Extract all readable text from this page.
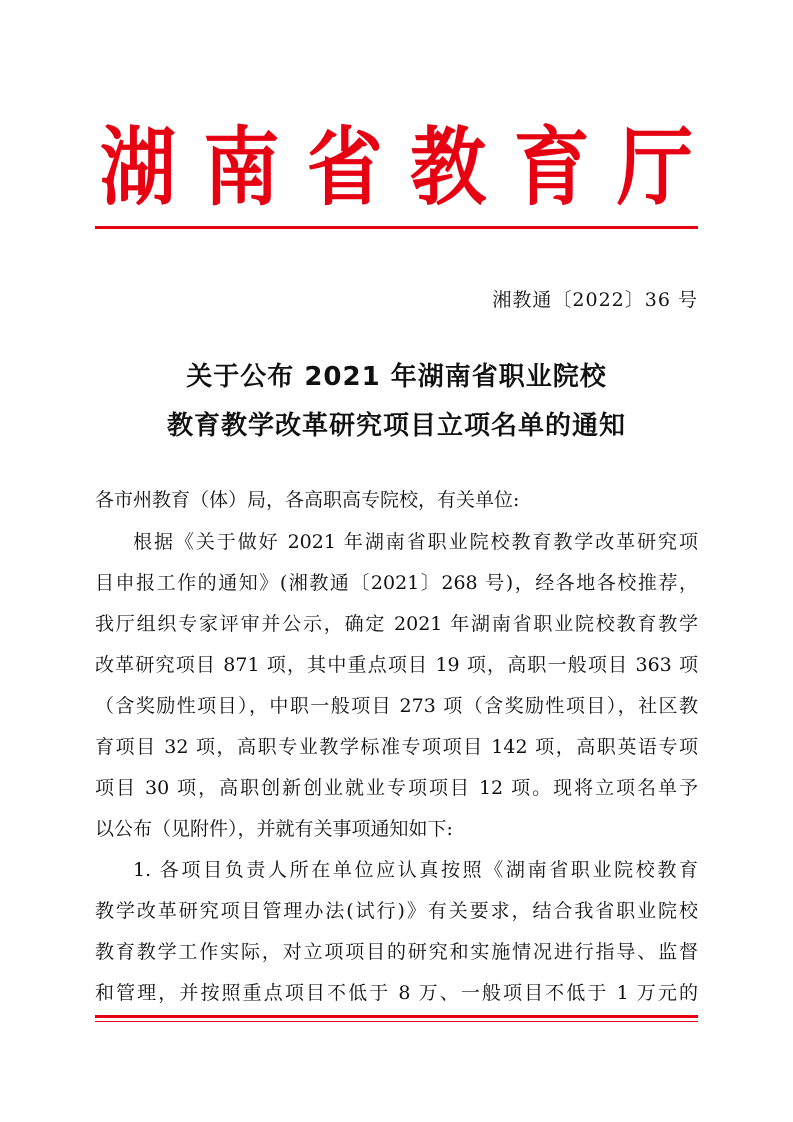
湖 南 省 教 育 厅
湘教通〔2022〕36 号
关于公布 2021 年湖南省职业院校
教育教学改革研究项目立项名单的通知
各市州教育（体）局，各高职高专院校，有关单位:
根据《关于做好 2021 年湖南省职业院校教育教学改革研究项
目申报工作的通知》(湘教通〔2021〕268 号)，经各地各校推荐，
我厅组织专家评审并公示，确定 2021 年湖南省职业院校教育教学
改革研究项目 871 项，其中重点项目 19 项，高职一般项目 363 项
（含奖励性项目），中职一般项目 273 项（含奖励性项目），社区教
育项目 32 项，高职专业教学标准专项项目 142 项，高职英语专项
项目 30 项，高职创新创业就业专项项目 12 项。现将立项名单予
以公布（见附件），并就有关事项通知如下:
1. 各项目负责人所在单位应认真按照《湖南省职业院校教育
教学改革研究项目管理办法(试行)》有关要求，结合我省职业院校
教育教学工作实际，对立项项目的研究和实施情况进行指导、监督
和管理，并按照重点项目不低于 8 万、一般项目不低于 1 万元的
